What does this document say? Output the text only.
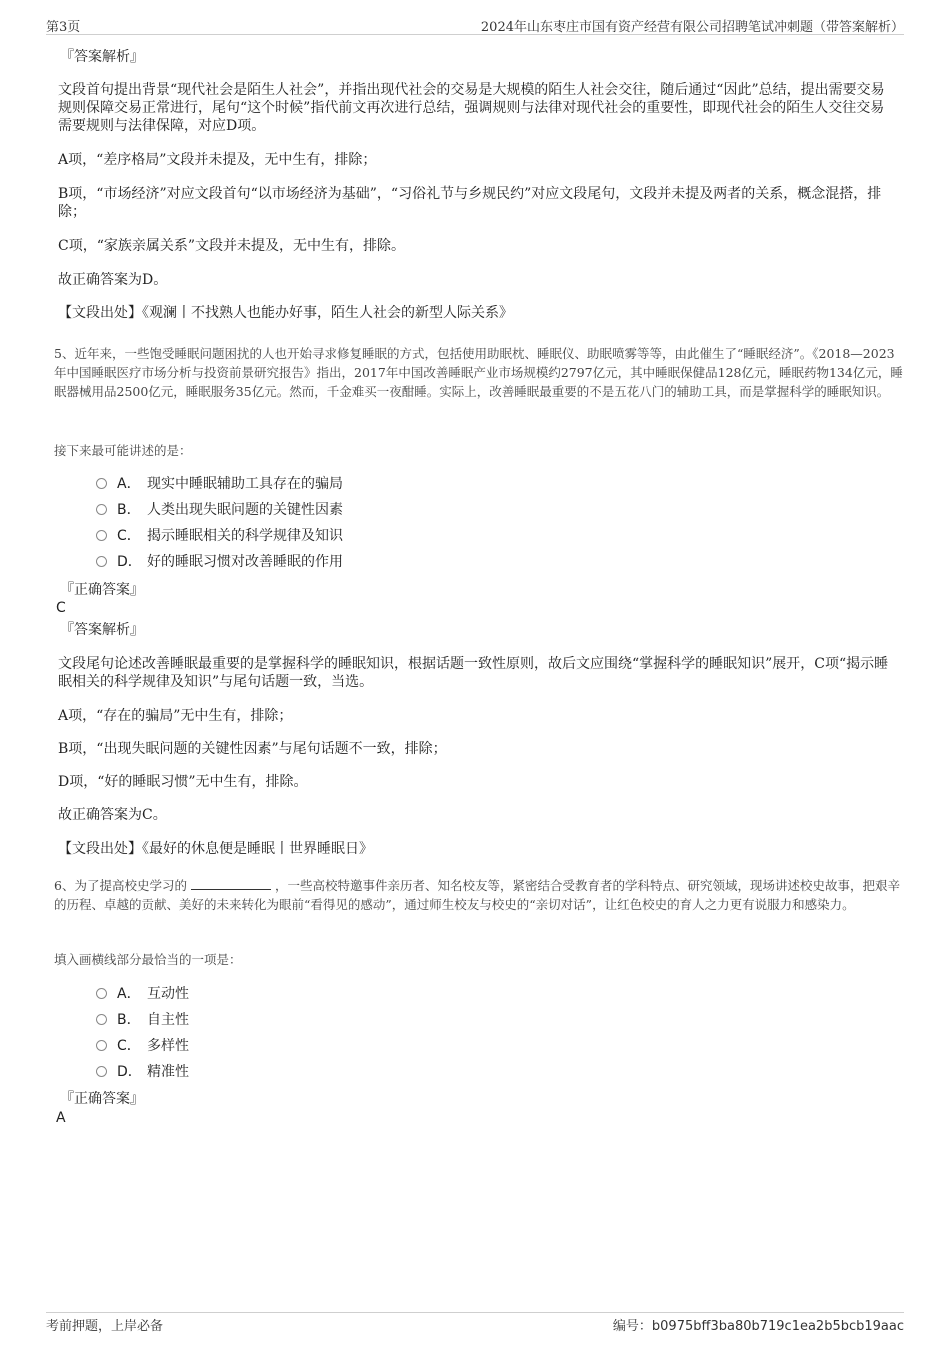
第3页	2024年山东枣庄市国有资产经营有限公司招聘笔试冲刺题（带答案解析）
『答案解析』
文段首句提出背景“现代社会是陌生人社会”，并指出现代社会的交易是大规模的陌生人社会交往，随后通过“因此”总结，提出需要交易规则保障交易正常进行，尾句“这个时候”指代前文再次进行总结，强调规则与法律对现代社会的重要性，即现代社会的陌生人交往交易需要规则与法律保障，对应D项。
A项，“差序格局”文段并未提及，无中生有，排除；
B项，“市场经济”对应文段首句“以市场经济为基础”，“习俗礼节与乡规民约”对应文段尾句，文段并未提及两者的关系，概念混搭，排除；
C项，“家族亲属关系”文段并未提及，无中生有，排除。
故正确答案为D。
【文段出处】《观澜丨不找熟人也能办好事，陌生人社会的新型人际关系》
5、近年来，一些饱受睡眠问题困扰的人也开始寻求修复睡眠的方式，包括使用助眠枕、睡眠仪、助眠喷雾等等，由此催生了“睡眠经济”。《2018—2023年中国睡眠医疗市场分析与投资前景研究报告》指出，2017年中国改善睡眠产业市场规模约2797亿元，其中睡眠保健品128亿元，睡眠药物134亿元，睡眠器械用品2500亿元，睡眠服务35亿元。然而，千金难买一夜酣睡。实际上，改善睡眠最重要的不是五花八门的辅助工具，而是掌握科学的睡眠知识。
接下来最可能讲述的是：
A． 现实中睡眠辅助工具存在的骗局
B． 人类出现失眠问题的关键性因素
C． 揭示睡眠相关的科学规律及知识
D． 好的睡眠习惯对改善睡眠的作用
『正确答案』
C
『答案解析』
文段尾句论述改善睡眠最重要的是掌握科学的睡眠知识，根据话题一致性原则，故后文应围绕“掌握科学的睡眠知识”展开，C项“揭示睡眠相关的科学规律及知识”与尾句话题一致，当选。
A项，“存在的骗局”无中生有，排除；
B项，“出现失眠问题的关键性因素”与尾句话题不一致，排除；
D项，“好的睡眠习惯”无中生有，排除。
故正确答案为C。
【文段出处】《最好的休息便是睡眠丨世界睡眠日》
6、为了提高校史学习的	，一些高校特邀事件亲历者、知名校友等，紧密结合受教育者的学科特点、研究领域，现场讲述校史故事，把艰辛的历程、卓越的贡献、美好的未来转化为眼前“看得见的感动”，通过师生校友与校史的“亲切对话”，让红色校史的育人之力更有说服力和感染力。
填入画横线部分最恰当的一项是：
A． 互动性
B． 自主性
C． 多样性
D． 精准性
『正确答案』
A
考前押题，上岸必备	编号：b0975bff3ba80b719c1ea2b5bcb19aac
